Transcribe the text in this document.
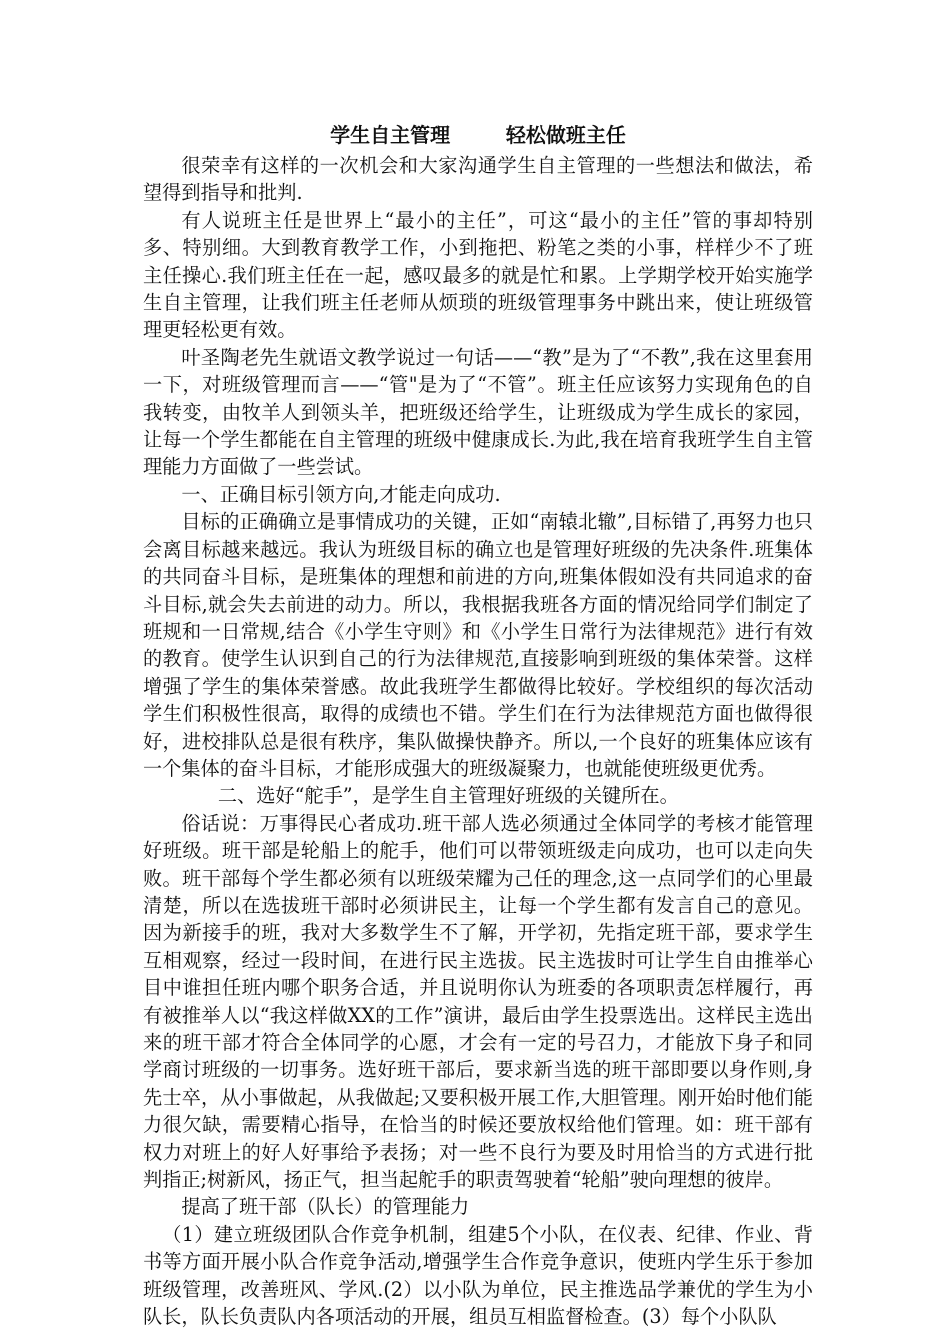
学生自主管理        轻松做班主任

很荣幸有这样的一次机会和大家沟通学生自主管理的一些想法和做法，希望得到指导和批判.

有人说班主任是世界上“最小的主任”，可这“最小的主任”管的事却特别多、特别细。大到教育教学工作，小到拖把、粉笔之类的小事，样样少不了班主任操心.我们班主任在一起，感叹最多的就是忙和累。上学期学校开始实施学生自主管理，让我们班主任老师从烦琐的班级管理事务中跳出来，使让班级管理更轻松更有效。

叶圣陶老先生就语文教学说过一句话——“教”是为了“不教”,我在这里套用一下，对班级管理而言——“管"是为了“不管”。班主任应该努力实现角色的自我转变，由牧羊人到领头羊，把班级还给学生，让班级成为学生成长的家园，让每一个学生都能在自主管理的班级中健康成长.为此,我在培育我班学生自主管理能力方面做了一些尝试。

一、正确目标引领方向,才能走向成功.

目标的正确确立是事情成功的关键，正如“南辕北辙”,目标错了,再努力也只会离目标越来越远。我认为班级目标的确立也是管理好班级的先决条件.班集体的共同奋斗目标，是班集体的理想和前进的方向,班集体假如没有共同追求的奋斗目标,就会失去前进的动力。所以，我根据我班各方面的情况给同学们制定了班规和一日常规,结合《小学生守则》和《小学生日常行为法律规范》进行有效的教育。使学生认识到自己的行为法律规范,直接影响到班级的集体荣誉。这样增强了学生的集体荣誉感。故此我班学生都做得比较好。学校组织的每次活动学生们积极性很高，取得的成绩也不错。学生们在行为法律规范方面也做得很好，进校排队总是很有秩序，集队做操快静齐。所以,一个良好的班集体应该有一个集体的奋斗目标，才能形成强大的班级凝聚力，也就能使班级更优秀。

二、选好“舵手”，是学生自主管理好班级的关键所在。

俗话说：万事得民心者成功.班干部人选必须通过全体同学的考核才能管理好班级。班干部是轮船上的舵手，他们可以带领班级走向成功，也可以走向失败。班干部每个学生都必须有以班级荣耀为己任的理念,这一点同学们的心里最清楚，所以在选拔班干部时必须讲民主，让每一个学生都有发言自己的意见。因为新接手的班，我对大多数学生不了解，开学初，先指定班干部，要求学生互相观察，经过一段时间，在进行民主选拔。民主选拔时可让学生自由推举心目中谁担任班内哪个职务合适，并且说明你认为班委的各项职责怎样履行，再有被推举人以“我这样做XX的工作”演讲，最后由学生投票选出。这样民主选出来的班干部才符合全体同学的心愿，才会有一定的号召力，才能放下身子和同学商讨班级的一切事务。选好班干部后，要求新当选的班干部即要以身作则,身先士卒，从小事做起，从我做起;又要积极开展工作,大胆管理。刚开始时他们能力很欠缺，需要精心指导，在恰当的时候还要放权给他们管理。如：班干部有权力对班上的好人好事给予表扬；对一些不良行为要及时用恰当的方式进行批判指正;树新风，扬正气，担当起舵手的职责驾驶着“轮船”驶向理想的彼岸。

提高了班干部（队长）的管理能力

（1）建立班级团队合作竞争机制，组建5个小队，在仪表、纪律、作业、背书等方面开展小队合作竞争活动,增强学生合作竞争意识，使班内学生乐于参加班级管理，改善班风、学风.(2）以小队为单位，民主推选品学兼优的学生为小队长，队长负责队内各项活动的开展，组员互相监督检查。(3）每个小队队
